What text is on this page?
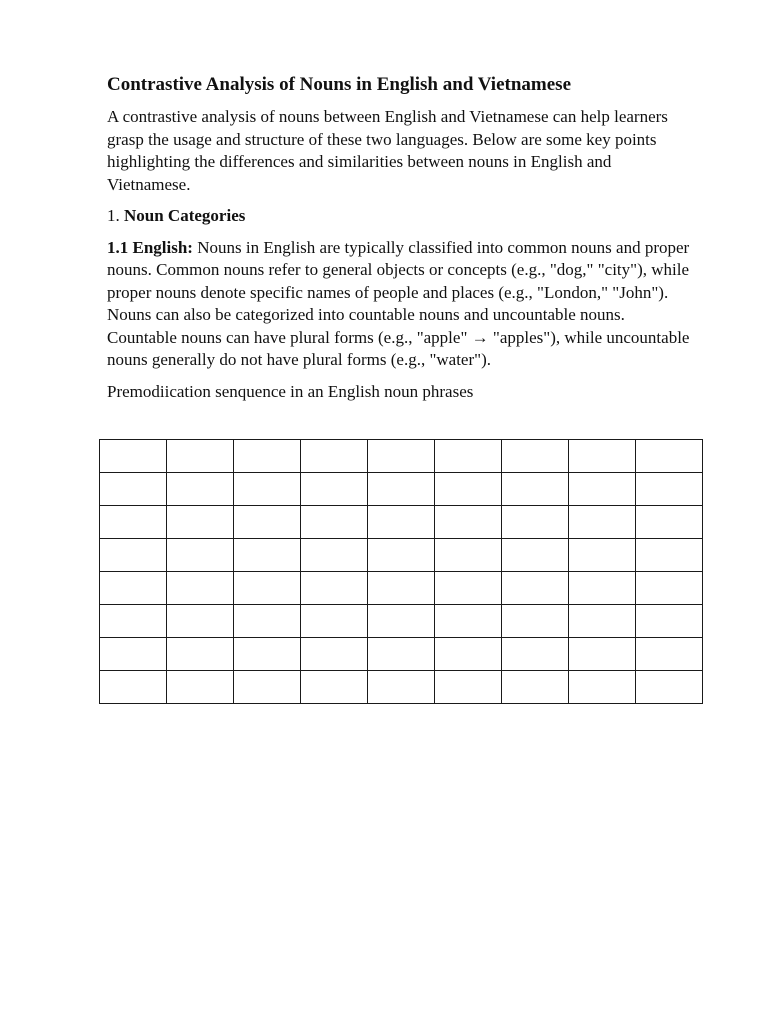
Contrastive Analysis of Nouns in English and Vietnamese

A contrastive analysis of nouns between English and Vietnamese can help learners grasp the usage and structure of these two languages. Below are some key points highlighting the differences and similarities between nouns in English and Vietnamese.

1. Noun Categories

1.1 English: Nouns in English are typically classified into common nouns and proper nouns. Common nouns refer to general objects or concepts (e.g., "dog," "city"), while proper nouns denote specific names of people and places (e.g., "London," "John"). Nouns can also be categorized into countable nouns and uncountable nouns. Countable nouns can have plural forms (e.g., "apple" → "apples"), while uncountable nouns generally do not have plural forms (e.g., "water").

Premodiication senquence in an English noun phrases
